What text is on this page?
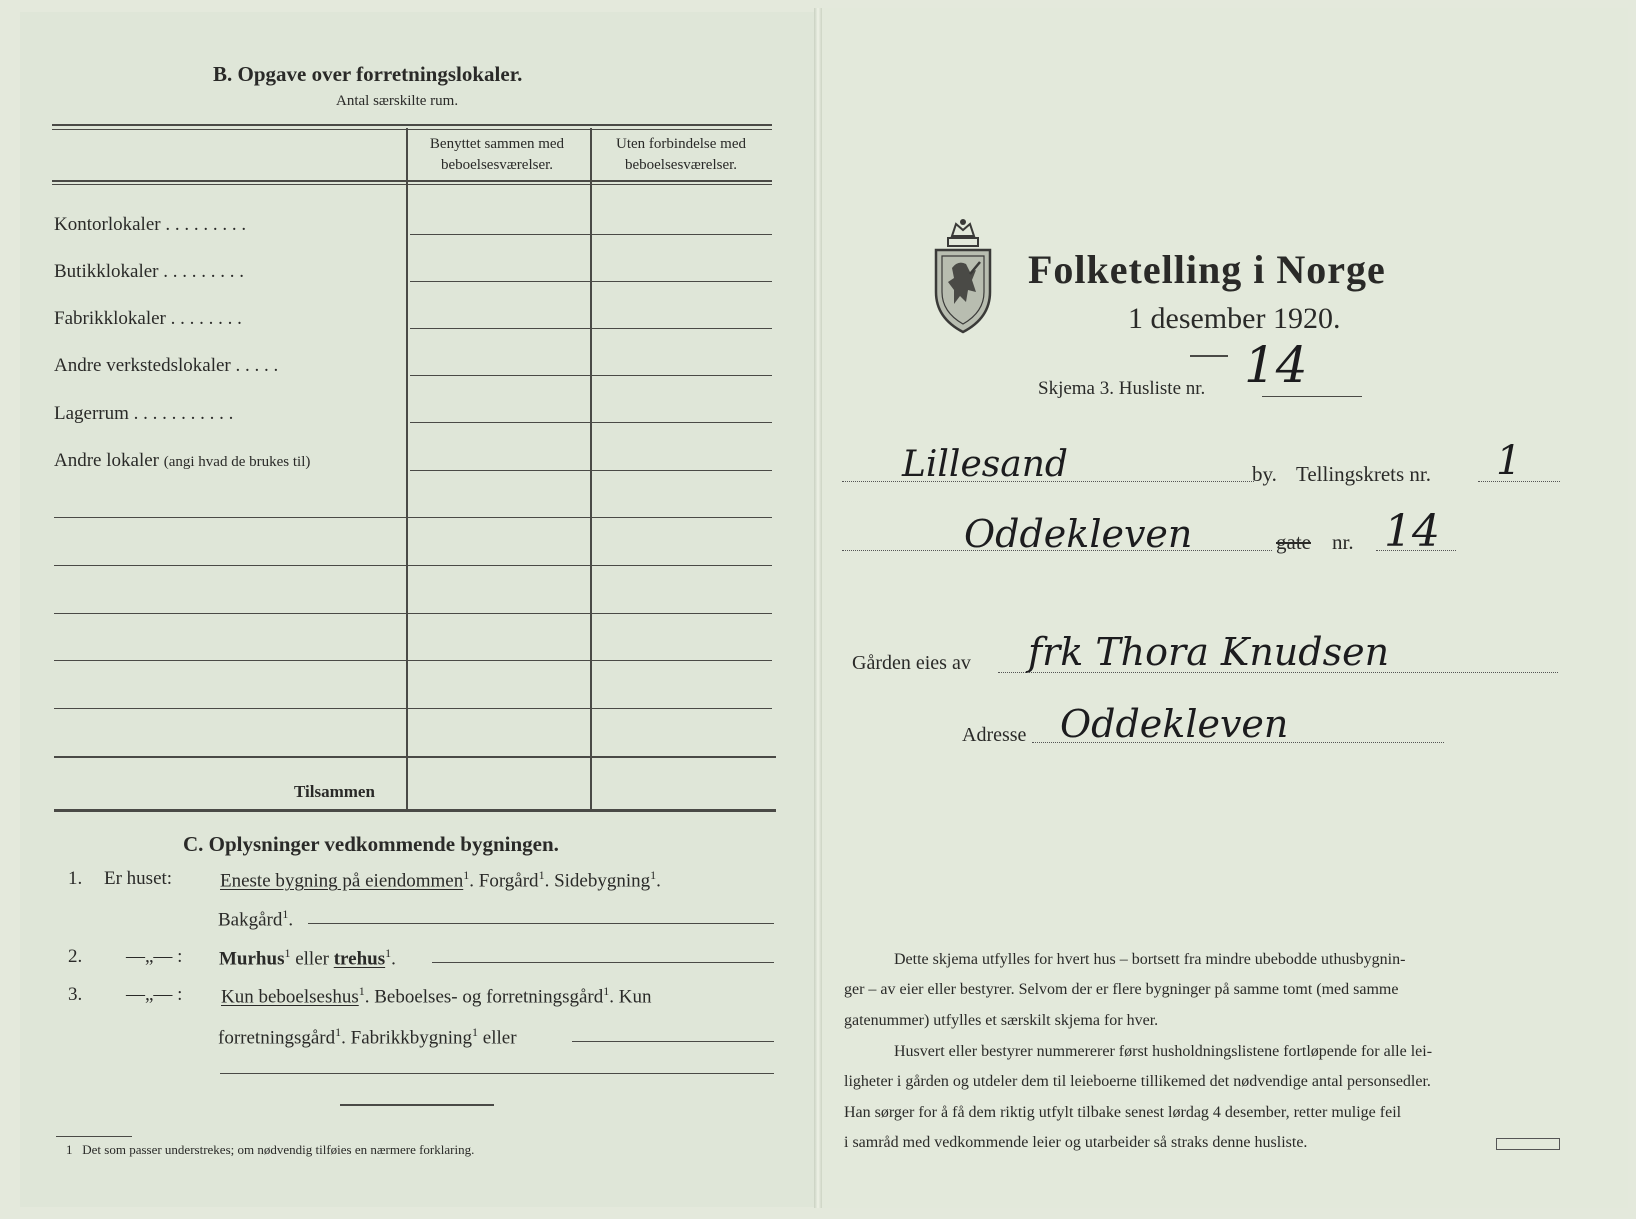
B. Opgave over forretningslokaler.
Antal særskilte rum.
Benyttet sammen med
beboelsesværelser.
Uten forbindelse med
beboelsesværelser.
Kontorlokaler . . . . . . . . .
Butikklokaler . . . . . . . . .
Fabrikklokaler . . . . . . . .
Andre verkstedslokaler . . . . .
Lagerrum . . . . . . . . . . .
Andre lokaler (angi hvad de brukes til)
Tilsammen
C. Oplysninger vedkommende bygningen.
1. Er huset:	Eneste bygning på eiendommen$^1$. Forgård$^1$. Sidebygning$^1$.
Bakgård$^1$.
2. —„— : Murhus$^1$ eller trehus$^1$.
3. —„— : Kun beboelseshus$^1$. Beboelses- og forretningsgård$^1$. Kun
forretningsgård$^1$. Fabrikkbygning$^1$ eller
1 Det som passer understrekes; om nødvendig tilføies en nærmere forklaring.
Folketelling i Norge
1 desember 1920.
Skjema 3. Husliste nr. 14
Lillesand	by. Tellingskrets nr. 1
Oddekleven	gate nr. 14
Gården eies av frk Thora Knudsen
Adresse Oddekleven
Dette skjema utfylles for hvert hus – bortsett fra mindre ubebodde uthusbygnin-
ger – av eier eller bestyrer. Selvom der er flere bygninger på samme tomt (med samme
gatenummer) utfylles et særskilt skjema for hver.
Husvert eller bestyrer nummererer først husholdningslistene fortløpende for alle lei-
ligheter i gården og utdeler dem til leieboerne tillikemed det nødvendige antal personsedler.
Han sørger for å få dem riktig utfylt tilbake senest lørdag 4 desember, retter mulige feil
i samråd med vedkommende leier og utarbeider så straks denne husliste.
